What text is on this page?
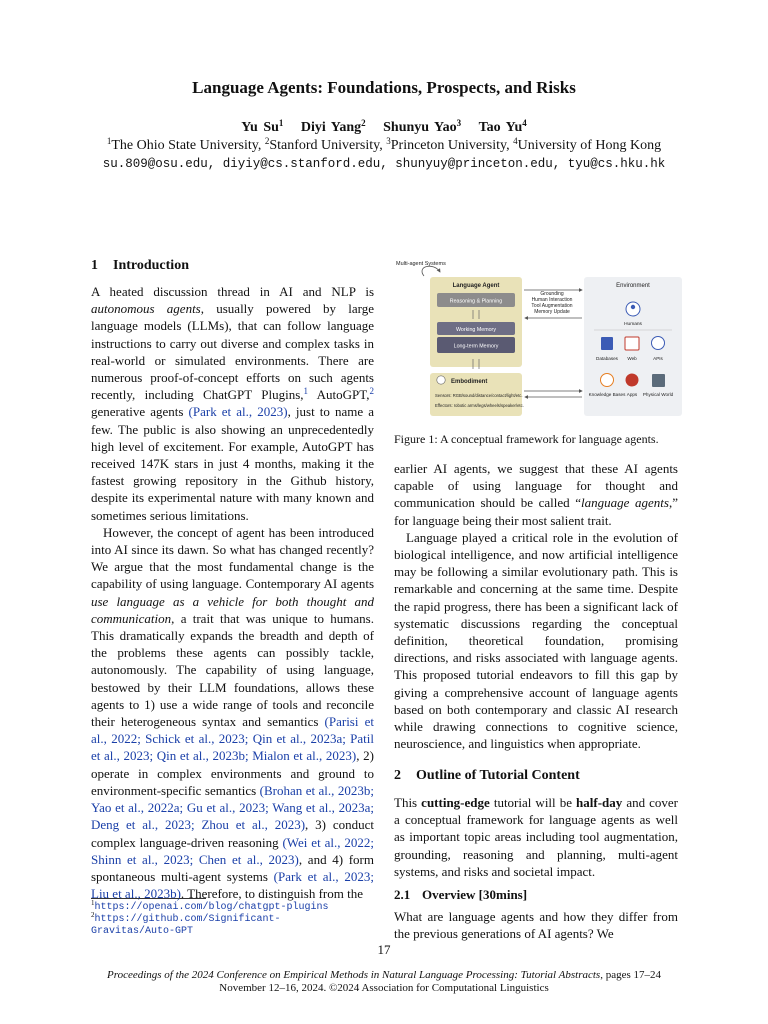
Language Agents: Foundations, Prospects, and Risks
Yu Su$^1$ Diyi Yang$^2$ Shunyu Yao$^3$ Tao Yu$^4$
$^1$The Ohio State University, $^2$Stanford University, $^3$Princeton University, $^4$University of Hong Kong
su.809@osu.edu, diyiy@cs.stanford.edu, shunyuy@princeton.edu, tyu@cs.hku.hk
1 Introduction

A heated discussion thread in AI and NLP is autonomous agents, usually powered by large language models (LLMs), that can follow language instructions to carry out diverse and complex tasks in real-world or simulated environments. There are numerous proof-of-concept efforts on such agents recently, including ChatGPT Plugins,$^1$ AutoGPT,$^2$ generative agents (Park et al., 2023), just to name a few. The public is also showing an unprecedentedly high level of excitement. For example, AutoGPT has received 147K stars in just 4 months, making it the fastest growing repository in the Github history, despite its experimental nature with many known and sometimes serious limitations.

However, the concept of agent has been introduced into AI since its dawn. So what has changed recently? We argue that the most fundamental change is the capability of using language. Contemporary AI agents use language as a vehicle for both thought and communication, a trait that was unique to humans. This dramatically expands the breadth and depth of the problems these agents can possibly tackle, autonomously. The capability of using language, bestowed by their LLM foundations, allows these agents to 1) use a wide range of tools and reconcile their heterogeneous syntax and semantics (Parisi et al., 2022; Schick et al., 2023; Qin et al., 2023a; Patil et al., 2023; Qin et al., 2023b; Mialon et al., 2023), 2) operate in complex environments and ground to environment-specific semantics (Brohan et al., 2023b; Yao et al., 2022a; Gu et al., 2023; Wang et al., 2023a; Deng et al., 2023; Zhou et al., 2023), 3) conduct complex language-driven reasoning (Wei et al., 2022; Shinn et al., 2023; Chen et al., 2023), and 4) form spontaneous multi-agent systems (Park et al., 2023; Liu et al., 2023b). Therefore, to distinguish from the

$^1$https://openai.com/blog/chatgpt-plugins
$^2$https://github.com/Significant-Gravitas/Auto-GPT
Multi-agent Systems
Language Agent
Reasoning & Planning
Working Memory
Long-term Memory
Embodiment
Sensors: RGB/sound/distance/contact/light/etc.
Effectors: robotic arms/legs/wheels/speaker/etc.
Grounding
Human Interaction
Tool Augmentation
Memory Update
Environment
Humans
Databases Web	APIs
Knowledge Bases Apps Physical World
Figure 1: A conceptual framework for language agents.

earlier AI agents, we suggest that these AI agents capable of using language for thought and communication should be called “language agents,” for language being their most salient trait.

Language played a critical role in the evolution of biological intelligence, and now artificial intelligence may be following a similar evolutionary path. This is remarkable and concerning at the same time. Despite the rapid progress, there has been a significant lack of systematic discussions regarding the conceptual definition, theoretical foundation, promising directions, and risks associated with language agents. This proposed tutorial endeavors to fill this gap by giving a comprehensive account of language agents based on both contemporary and classic AI research while drawing connections to cognitive science, neuroscience, and linguistics when appropriate.

2 Outline of Tutorial Content

This cutting-edge tutorial will be half-day and cover a conceptual framework for language agents as well as important topic areas including tool augmentation, grounding, reasoning and planning, multi-agent systems, and risks and societal impact.

2.1 Overview [30mins]

What are language agents and how they differ from the previous generations of AI agents? We

17
Proceedings of the 2024 Conference on Empirical Methods in Natural Language Processing: Tutorial Abstracts, pages 17–24
November 12–16, 2024. ©2024 Association for Computational Linguistics
